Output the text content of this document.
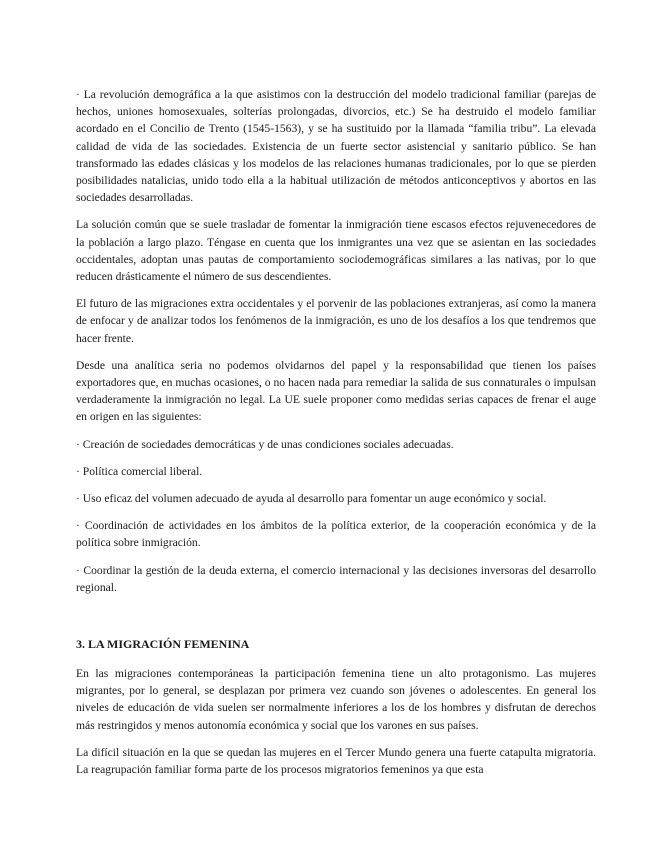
· La revolución demográfica a la que asistimos con la destrucción del modelo tradicional familiar (parejas de hechos, uniones homosexuales, solterías prolongadas, divorcios, etc.) Se ha destruido el modelo familiar acordado en el Concilio de Trento (1545-1563), y se ha sustituido por la llamada “familia tribu”. La elevada calidad de vida de las sociedades. Existencia de un fuerte sector asistencial y sanitario público. Se han transformado las edades clásicas y los modelos de las relaciones humanas tradicionales, por lo que se pierden posibilidades natalicias, unido todo ella a la habitual utilización de métodos anticonceptivos y abortos en las sociedades desarrolladas.

La solución común que se suele trasladar de fomentar la inmigración tiene escasos efectos rejuvenecedores de la población a largo plazo. Téngase en cuenta que los inmigrantes una vez que se asientan en las sociedades occidentales, adoptan unas pautas de comportamiento sociodemográficas similares a las nativas, por lo que reducen drásticamente el número de sus descendientes.

El futuro de las migraciones extra occidentales y el porvenir de las poblaciones extranjeras, así como la manera de enfocar y de analizar todos los fenómenos de la inmigración, es uno de los desafíos a los que tendremos que hacer frente.

Desde una analítica seria no podemos olvidarnos del papel y la responsabilidad que tienen los países exportadores que, en muchas ocasiones, o no hacen nada para remediar la salida de sus connaturales o impulsan verdaderamente la inmigración no legal. La UE suele proponer como medidas serias capaces de frenar el auge en origen en las siguientes:

· Creación de sociedades democráticas y de unas condiciones sociales adecuadas.

· Política comercial liberal.

· Uso eficaz del volumen adecuado de ayuda al desarrollo para fomentar un auge económico y social.

· Coordinación de actividades en los ámbitos de la política exterior, de la cooperación económica y de la política sobre inmigración.

· Coordinar la gestión de la deuda externa, el comercio internacional y las decisiones inversoras del desarrollo regional.

3. LA MIGRACIÓN FEMENINA

En las migraciones contemporáneas la participación femenina tiene un alto protagonismo. Las mujeres migrantes, por lo general, se desplazan por primera vez cuando son jóvenes o adolescentes. En general los niveles de educación de vida suelen ser normalmente inferiores a los de los hombres y disfrutan de derechos más restringidos y menos autonomía económica y social que los varones en sus países.

La difícil situación en la que se quedan las mujeres en el Tercer Mundo genera una fuerte catapulta migratoria. La reagrupación familiar forma parte de los procesos migratorios femeninos ya que esta
